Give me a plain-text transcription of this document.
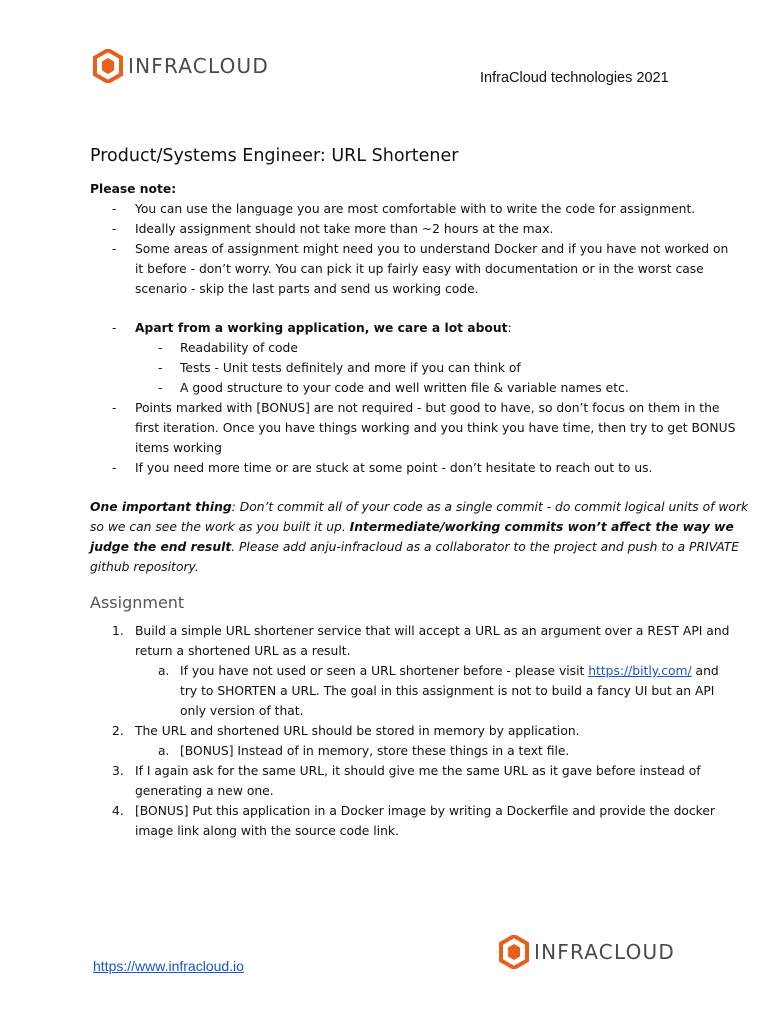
INFRACLOUD	InfraCloud technologies 2021
Product/Systems Engineer: URL Shortener
Please note:
- You can use the language you are most comfortable with to write the code for assignment.
- Ideally assignment should not take more than ~2 hours at the max.
- Some areas of assignment might need you to understand Docker and if you have not worked on
it before - don’t worry. You can pick it up fairly easy with documentation or in the worst case
scenario - skip the last parts and send us working code.
- Apart from a working application, we care a lot about:
- Readability of code
- Tests - Unit tests definitely and more if you can think of
- A good structure to your code and well written file & variable names etc.
- Points marked with [BONUS] are not required - but good to have, so don’t focus on them in the
first iteration. Once you have things working and you think you have time, then try to get BONUS
items working
- If you need more time or are stuck at some point - don’t hesitate to reach out to us.
One important thing: Don’t commit all of your code as a single commit - do commit logical units of work
so we can see the work as you built it up. Intermediate/working commits won’t affect the way we
judge the end result. Please add anju-infracloud as a collaborator to the project and push to a PRIVATE
github repository.
Assignment
1. Build a simple URL shortener service that will accept a URL as an argument over a REST API and
return a shortened URL as a result.
a. If you have not used or seen a URL shortener before - please visit https://bitly.com/ and
try to SHORTEN a URL. The goal in this assignment is not to build a fancy UI but an API
only version of that.
2. The URL and shortened URL should be stored in memory by application.
a. [BONUS] Instead of in memory, store these things in a text file.
3. If I again ask for the same URL, it should give me the same URL as it gave before instead of
generating a new one.
4. [BONUS] Put this application in a Docker image by writing a Dockerfile and provide the docker
image link along with the source code link.
https://www.infracloud.io
INFRACLOUD
